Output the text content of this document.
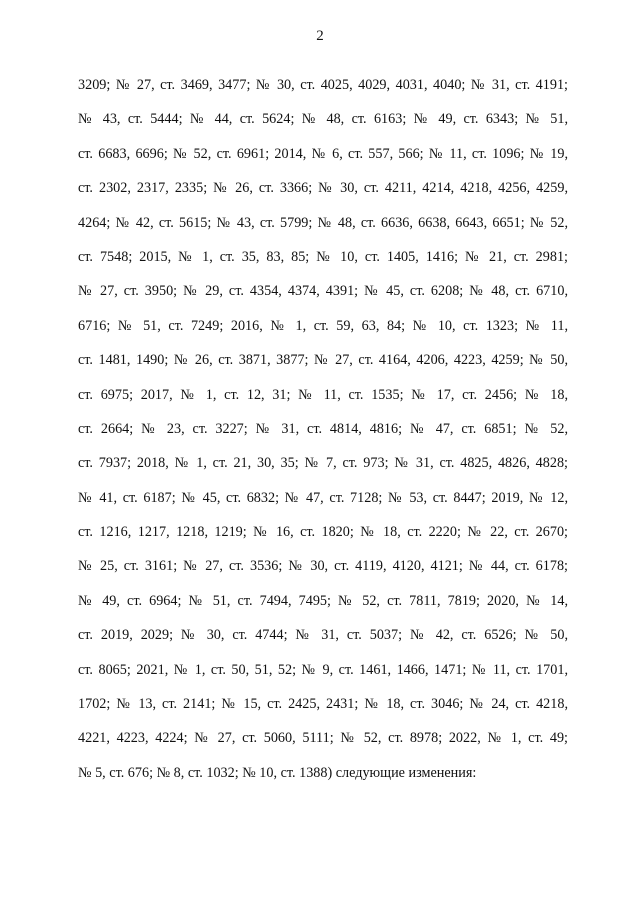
2
3209; № 27, ст. 3469, 3477; № 30, ст. 4025, 4029, 4031, 4040; № 31, ст. 4191;
№ 43, ст. 5444; № 44, ст. 5624; № 48, ст. 6163; № 49, ст. 6343; № 51,
ст. 6683, 6696; № 52, ст. 6961; 2014, № 6, ст. 557, 566; № 11, ст. 1096; № 19,
ст. 2302, 2317, 2335; № 26, ст. 3366; № 30, ст. 4211, 4214, 4218, 4256, 4259,
4264; № 42, ст. 5615; № 43, ст. 5799; № 48, ст. 6636, 6638, 6643, 6651; № 52,
ст. 7548; 2015, № 1, ст. 35, 83, 85; № 10, ст. 1405, 1416; № 21, ст. 2981;
№ 27, ст. 3950; № 29, ст. 4354, 4374, 4391; № 45, ст. 6208; № 48, ст. 6710,
6716; № 51, ст. 7249; 2016, № 1, ст. 59, 63, 84; № 10, ст. 1323; № 11,
ст. 1481, 1490; № 26, ст. 3871, 3877; № 27, ст. 4164, 4206, 4223, 4259; № 50,
ст. 6975; 2017, № 1, ст. 12, 31; № 11, ст. 1535; № 17, ст. 2456; № 18,
ст. 2664; № 23, ст. 3227; № 31, ст. 4814, 4816; № 47, ст. 6851; № 52,
ст. 7937; 2018, № 1, ст. 21, 30, 35; № 7, ст. 973; № 31, ст. 4825, 4826, 4828;
№ 41, ст. 6187; № 45, ст. 6832; № 47, ст. 7128; № 53, ст. 8447; 2019, № 12,
ст. 1216, 1217, 1218, 1219; № 16, ст. 1820; № 18, ст. 2220; № 22, ст. 2670;
№ 25, ст. 3161; № 27, ст. 3536; № 30, ст. 4119, 4120, 4121; № 44, ст. 6178;
№ 49, ст. 6964; № 51, ст. 7494, 7495; № 52, ст. 7811, 7819; 2020, № 14,
ст. 2019, 2029; № 30, ст. 4744; № 31, ст. 5037; № 42, ст. 6526; № 50,
ст. 8065; 2021, № 1, ст. 50, 51, 52; № 9, ст. 1461, 1466, 1471; № 11, ст. 1701,
1702; № 13, ст. 2141; № 15, ст. 2425, 2431; № 18, ст. 3046; № 24, ст. 4218,
4221, 4223, 4224; № 27, ст. 5060, 5111; № 52, ст. 8978; 2022, № 1, ст. 49;
№ 5, ст. 676; № 8, ст. 1032; № 10, ст. 1388) следующие изменения:
